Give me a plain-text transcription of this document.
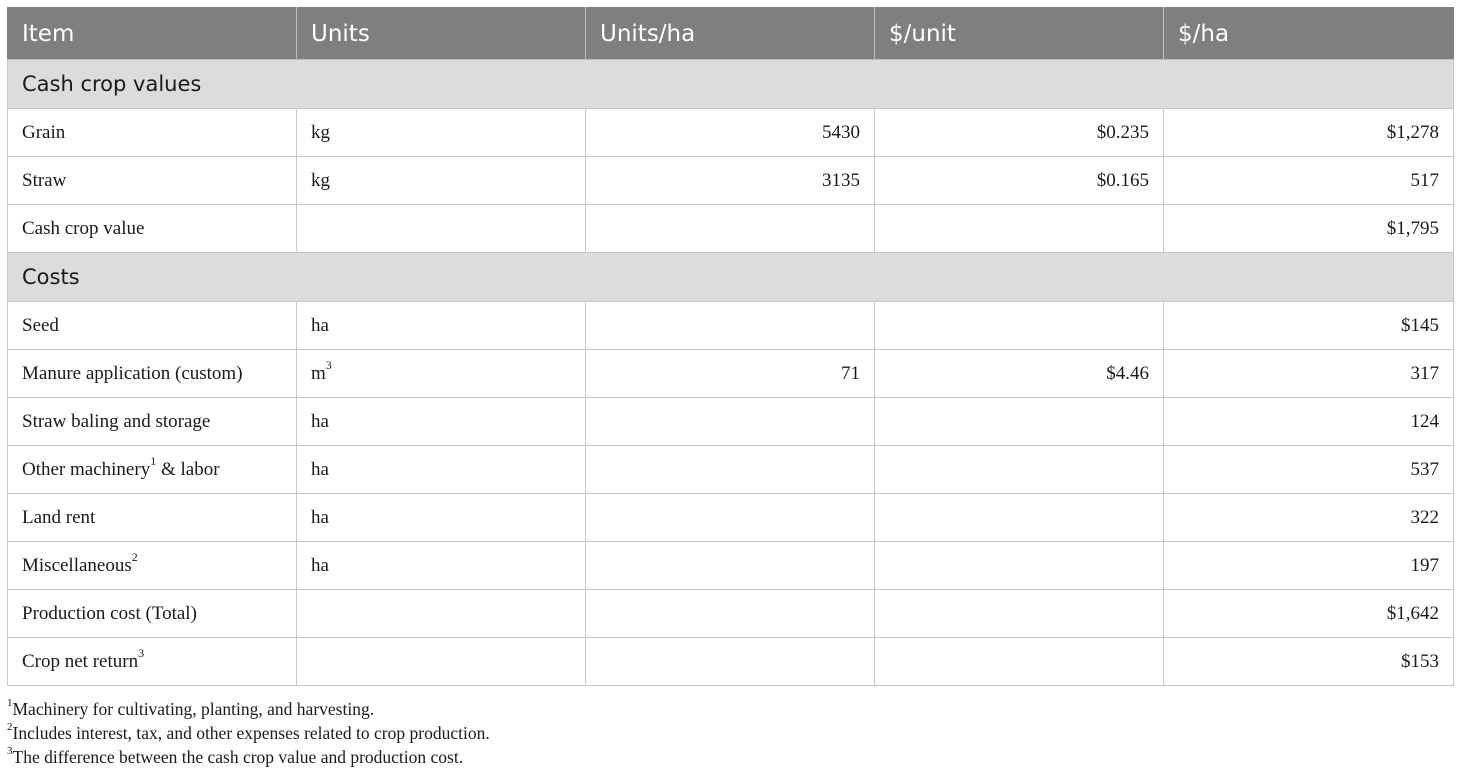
Item	Units	Units/ha	$/unit	$/ha
Cash crop values				
Grain	kg	5430	$0.235	$1,278
Straw	kg	3135	$0.165	517
Cash crop value				$1,795
Costs				
Seed	ha			$145
Manure application (custom)	$m^3$	71	$4.46	317
Straw baling and storage	ha			124
Other machinery$^1$ & labor	ha			537
Land rent	ha			322
Miscellaneous$^2$	ha			197
Production cost (Total)				$1,642
Crop net return$^3$				$153
$^1$Machinery for cultivating, planting, and harvesting.
$^2$Includes interest, tax, and other expenses related to crop production.
$^3$The difference between the cash crop value and production cost.
